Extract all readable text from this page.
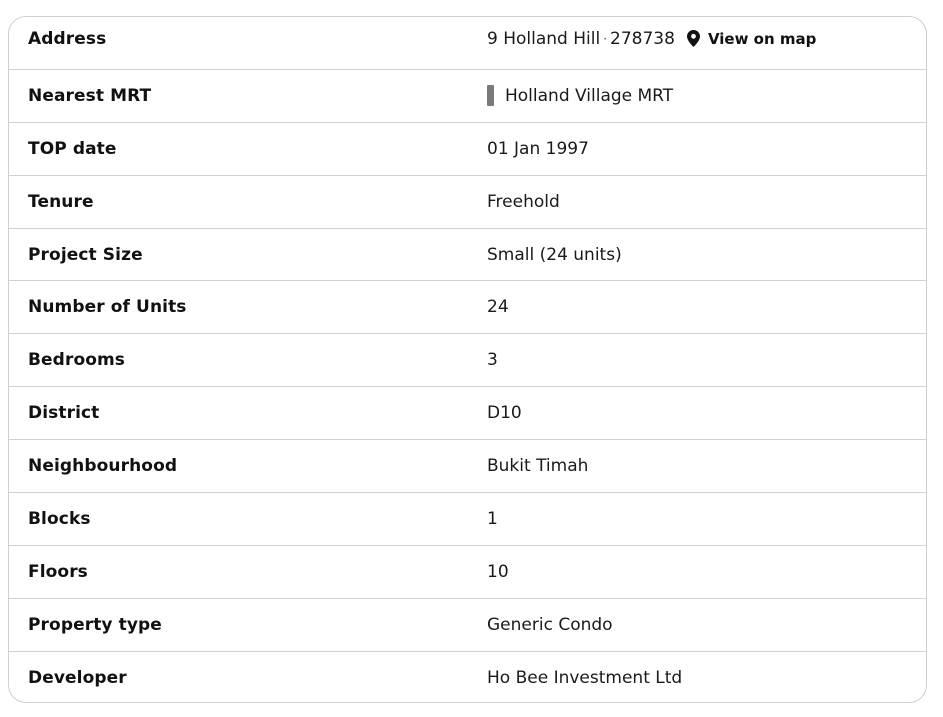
Address	9 Holland Hill · 278738 View on map
Nearest MRT	Holland Village MRT
TOP date	01 Jan 1997
Tenure	Freehold
Project Size	Small (24 units)
Number of Units	24
Bedrooms	3
District	D10
Neighbourhood	Bukit Timah
Blocks	1
Floors	10
Property type	Generic Condo
Developer	Ho Bee Investment Ltd
